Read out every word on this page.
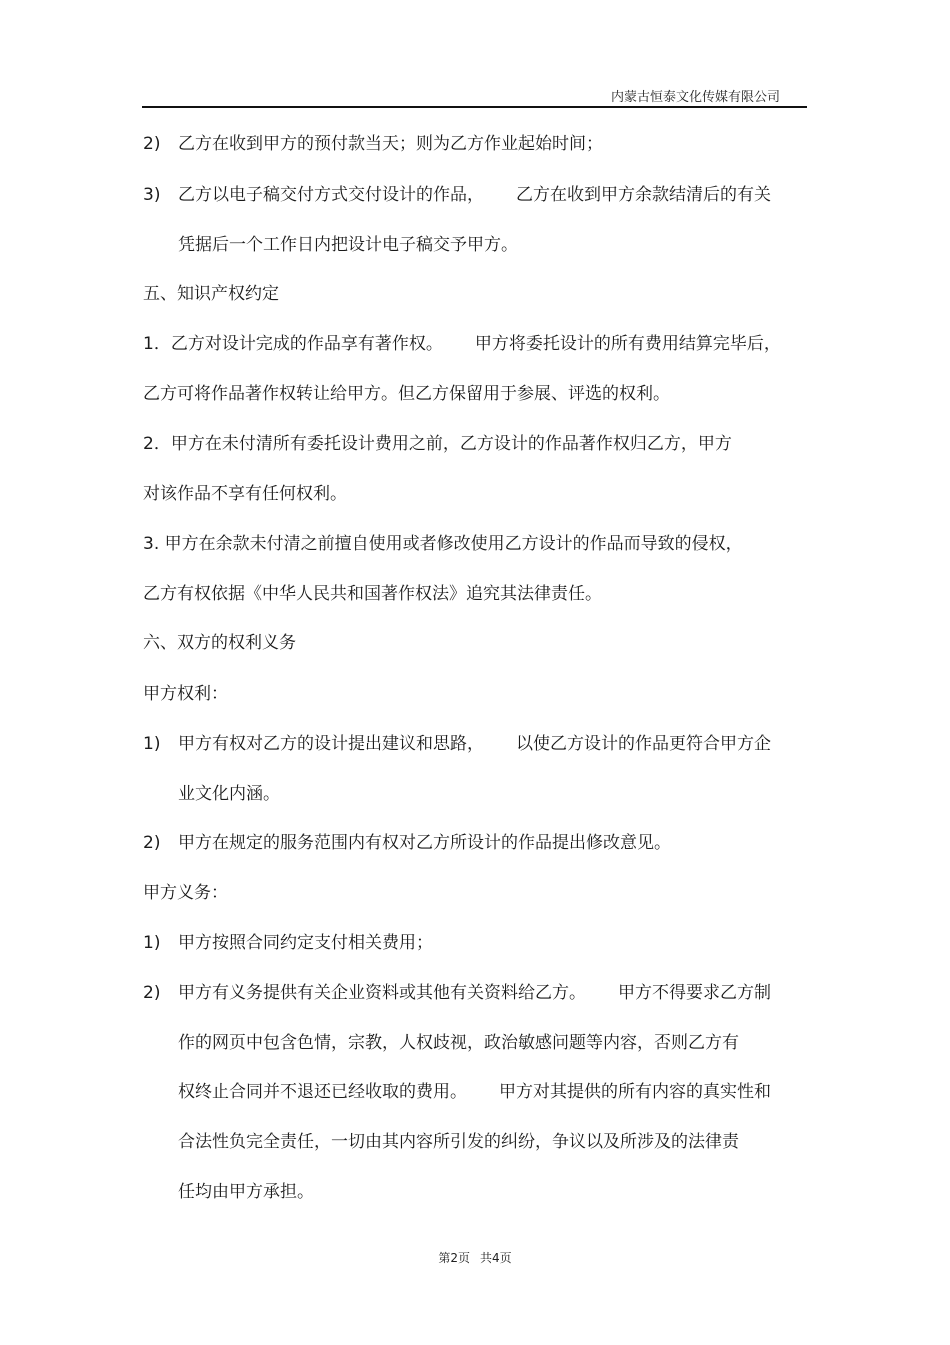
内蒙古恒泰文化传媒有限公司
2) 乙方在收到甲方的预付款当天；则为乙方作业起始时间；
3) 乙方以电子稿交付方式交付设计的作品， 乙方在收到甲方余款结清后的有关
凭据后一个工作日内把设计电子稿交予甲方。
五、知识产权约定
1．乙方对设计完成的作品享有著作权。 甲方将委托设计的所有费用结算完毕后，
乙方可将作品著作权转让给甲方。但乙方保留用于参展、评选的权利。
2．甲方在未付清所有委托设计费用之前，乙方设计的作品著作权归乙方，甲方
对该作品不享有任何权利。
3. 甲方在余款未付清之前擅自使用或者修改使用乙方设计的作品而导致的侵权，
乙方有权依据《中华人民共和国著作权法》追究其法律责任。
六、双方的权利义务
甲方权利：
1) 甲方有权对乙方的设计提出建议和思路， 以使乙方设计的作品更符合甲方企
业文化内涵。
2) 甲方在规定的服务范围内有权对乙方所设计的作品提出修改意见。
甲方义务：
1) 甲方按照合同约定支付相关费用；
2) 甲方有义务提供有关企业资料或其他有关资料给乙方。 甲方不得要求乙方制
作的网页中包含色情，宗教，人权歧视，政治敏感问题等内容，否则乙方有
权终止合同并不退还已经收取的费用。 甲方对其提供的所有内容的真实性和
合法性负完全责任，一切由其内容所引发的纠纷，争议以及所涉及的法律责
任均由甲方承担。
第2页 共4页
